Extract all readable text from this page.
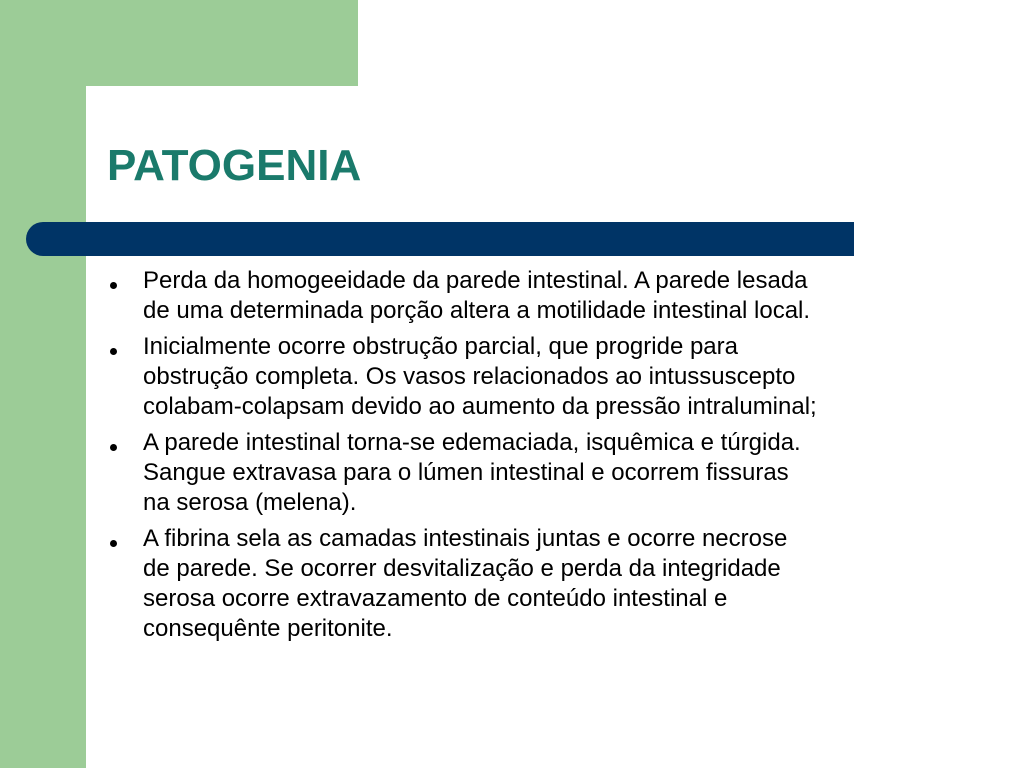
PATOGENIA
Perda da homogeeidade da parede intestinal. A parede lesada
de uma determinada porção altera a motilidade intestinal local.
Inicialmente ocorre obstrução parcial, que progride para
obstrução completa. Os vasos relacionados ao intussuscepto
colabam-colapsam devido ao aumento da pressão intraluminal;
A parede intestinal torna-se edemaciada, isquêmica e túrgida.
Sangue extravasa para o lúmen intestinal e ocorrem fissuras
na serosa (melena).
A fibrina sela as camadas intestinais juntas e ocorre necrose
de parede. Se ocorrer desvitalização e perda da integridade
serosa ocorre extravazamento de conteúdo intestinal e
consequênte peritonite.
